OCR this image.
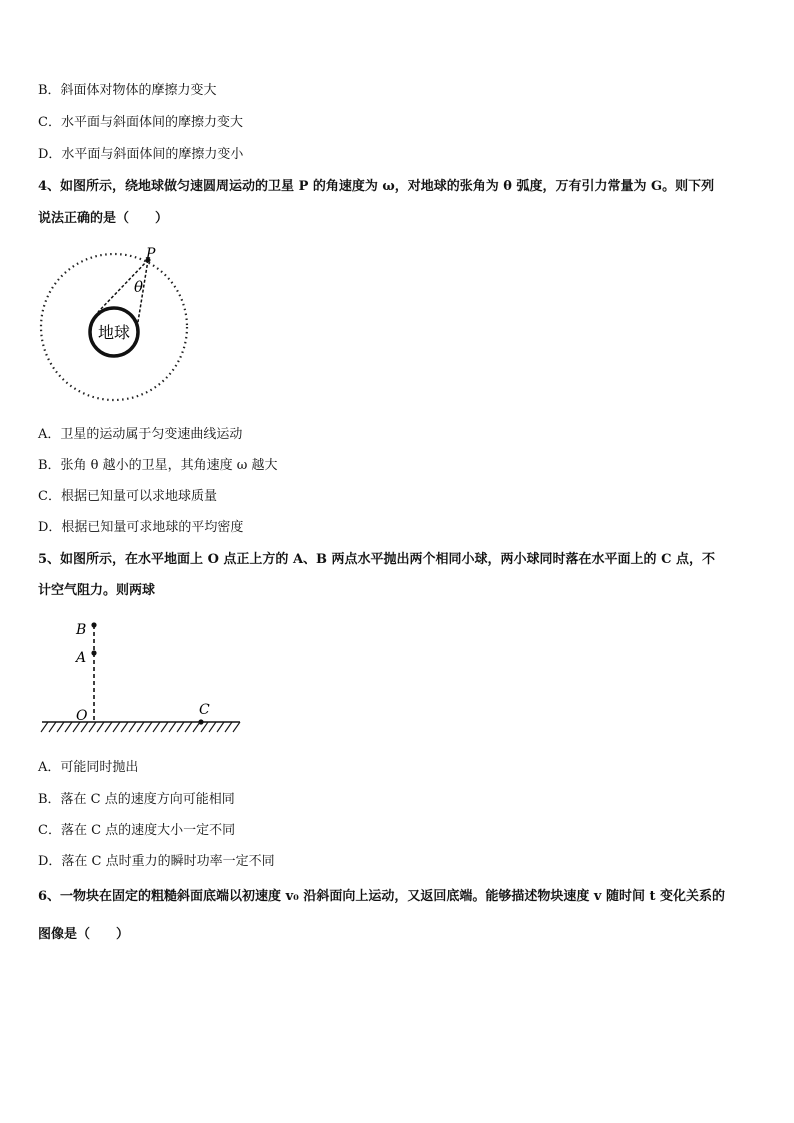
B．斜面体对物体的摩擦力变大
C．水平面与斜面体间的摩擦力变大
D．水平面与斜面体间的摩擦力变小
4、如图所示，绕地球做匀速圆周运动的卫星 P 的角速度为 ω，对地球的张角为 θ 弧度，万有引力常量为 G。则下列
说法正确的是（　　）
P
θ
地球
A．卫星的运动属于匀变速曲线运动
B．张角 θ 越小的卫星，其角速度 ω 越大
C．根据已知量可以求地球质量
D．根据已知量可求地球的平均密度
5、如图所示，在水平地面上 O 点正上方的 A、B 两点水平抛出两个相同小球，两小球同时落在水平面上的 C 点，不
计空气阻力。则两球
B
A
O	C
A．可能同时抛出
B．落在 C 点的速度方向可能相同
C．落在 C 点的速度大小一定不同
D．落在 C 点时重力的瞬时功率一定不同
6、一物块在固定的粗糙斜面底端以初速度 v₀ 沿斜面向上运动，又返回底端。能够描述物块速度 v 随时间 t 变化关系的
图像是（　　）
